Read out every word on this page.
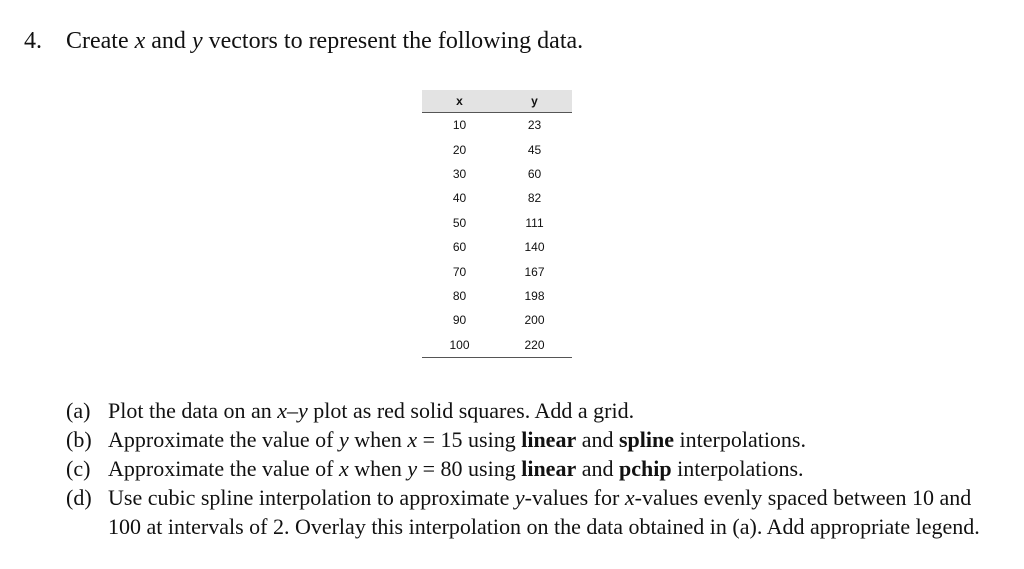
4. Create x and y vectors to represent the following data.
x	y
10	23
20	45
30	60
40	82
50	111
60	140
70	167
80	198
90	200
100	220
(a) Plot the data on an x–y plot as red solid squares. Add a grid.
(b) Approximate the value of y when x = 15 using linear and spline interpolations.
(c) Approximate the value of x when y = 80 using linear and pchip interpolations.
(d) Use cubic spline interpolation to approximate y-values for x-values evenly spaced between 10 and 100 at intervals of 2. Overlay this interpolation on the data obtained in (a). Add appropriate legend.
